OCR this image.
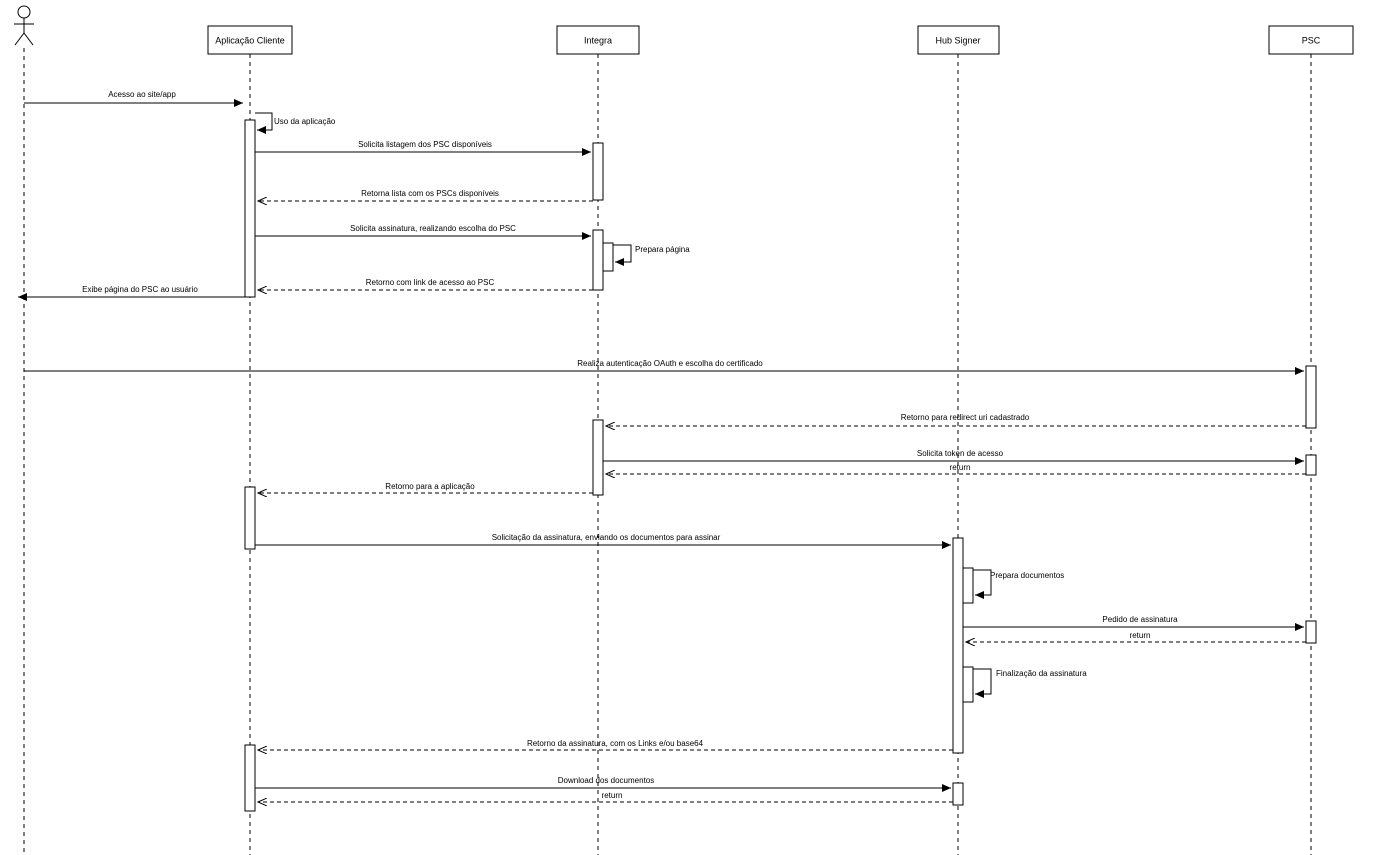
Aplicação Cliente	Integra	Hub Signer	PSC
Acesso ao site/app
Uso da aplicação
Solicita listagem dos PSC disponíveis
Retorna lista com os PSCs disponíveis
Solicita assinatura, realizando escolha do PSC
Prepara página
Retorno com link de acesso ao PSC
Exibe página do PSC ao usuário
Realiza autenticação OAuth e escolha do certificado
Retorno para redirect uri cadastrado
Solicita token de acesso
return
Retorno para a aplicação
Solicitação da assinatura, enviando os documentos para assinar
Prepara documentos
Pedido de assinatura
return
Finalização da assinatura
Retorno da assinatura, com os Links e/ou base64
Download dos documentos
return
